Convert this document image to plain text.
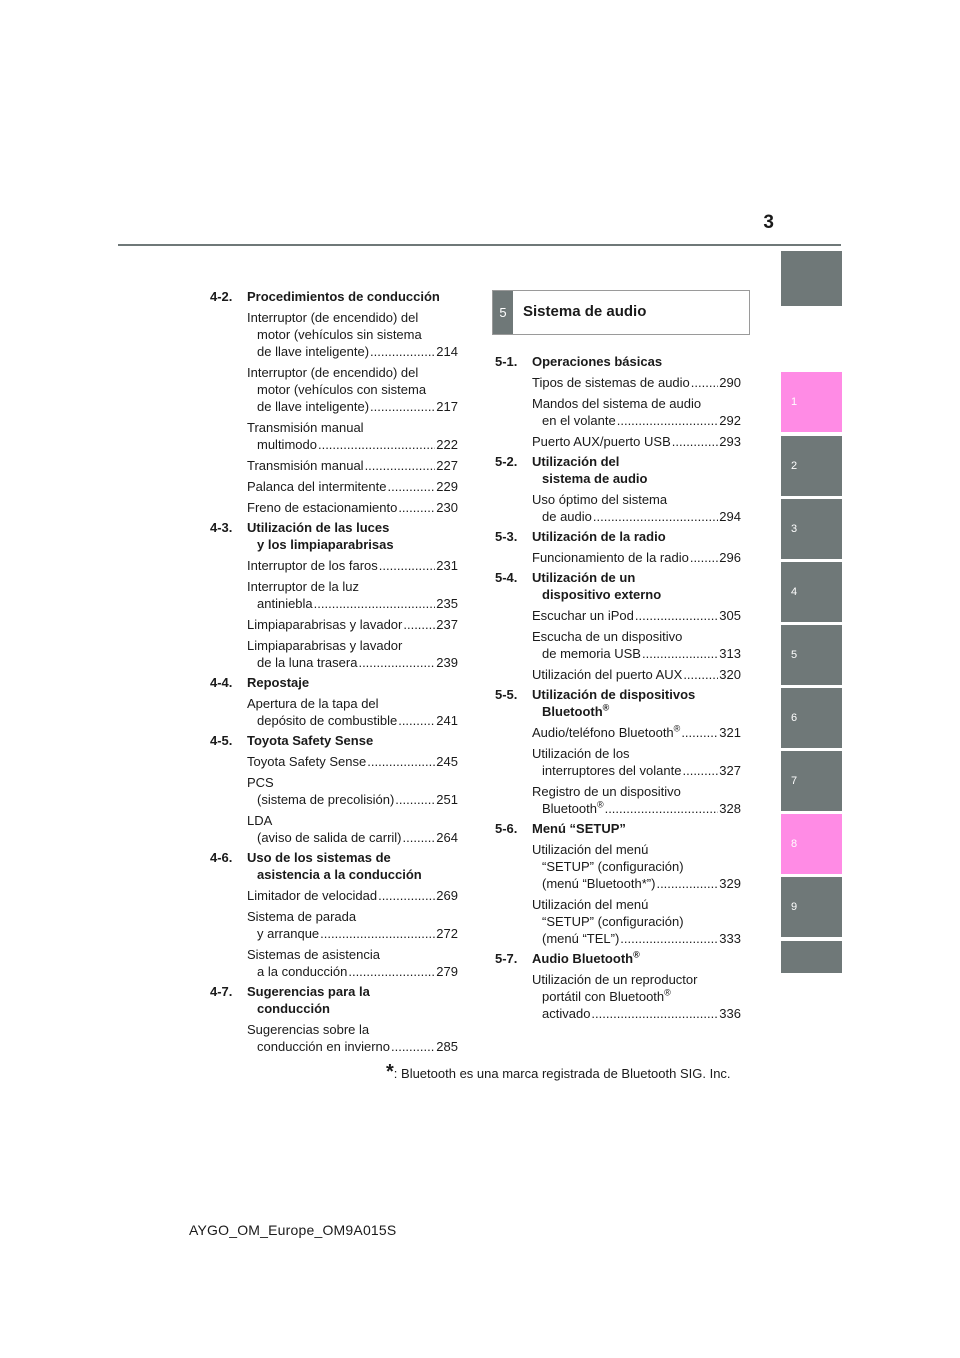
3
1
2
3
4
5
6
7
8
9
4-2. Procedimientos de conducción
Interruptor (de encendido) del
motor (vehículos sin sistema
de llave inteligente) .....	214
Interruptor (de encendido) del
motor (vehículos con sistema
de llave inteligente) .....	217
Transmisión manual
multimodo .....	222
Transmisión manual .....	227
Palanca del intermitente .....	229
Freno de estacionamiento .....	230
4-3. Utilización de las luces
y los limpiaparabrisas
Interruptor de los faros .....	231
Interruptor de la luz
antiniebla .....	235
Limpiaparabrisas y lavador .....	237
Limpiaparabrisas y lavador
de la luna trasera .....	239
4-4. Repostaje
Apertura de la tapa del
depósito de combustible .....	241
4-5. Toyota Safety Sense
Toyota Safety Sense .....	245
PCS
(sistema de precolisión) .....	251
LDA
(aviso de salida de carril) .....	264
4-6. Uso de los sistemas de
asistencia a la conducción
Limitador de velocidad .....	269
Sistema de parada
y arranque .....	272
Sistemas de asistencia
a la conducción .....	279
4-7. Sugerencias para la
conducción
Sugerencias sobre la
conducción en invierno .....	285
5	Sistema de audio
5-1. Operaciones básicas
Tipos de sistemas de audio ..... 290
Mandos del sistema de audio
en el volante .....	292
Puerto AUX/puerto USB .....	293
5-2. Utilización del
sistema de audio
Uso óptimo del sistema
de audio .....	294
5-3. Utilización de la radio
Funcionamiento de la radio ..... 296
5-4. Utilización de un
dispositivo externo
Escuchar un iPod .....	305
Escucha de un dispositivo
de memoria USB .....	313
Utilización del puerto AUX .....	320
5-5. Utilización de dispositivos
Bluetooth®
Audio/teléfono Bluetooth® .....	321
Utilización de los
interruptores del volante .....	327
Registro de un dispositivo
Bluetooth® .....	328
5-6. Menú “SETUP”
Utilización del menú
“SETUP” (configuración)
(menú “Bluetooth*”) .....	329
Utilización del menú
“SETUP” (configuración)
(menú “TEL”) .....	333
5-7. Audio Bluetooth®
Utilización de un reproductor
portátil con Bluetooth®
activado .....	336
*: Bluetooth es una marca registrada de Bluetooth SIG. Inc.
AYGO_OM_Europe_OM9A015S
